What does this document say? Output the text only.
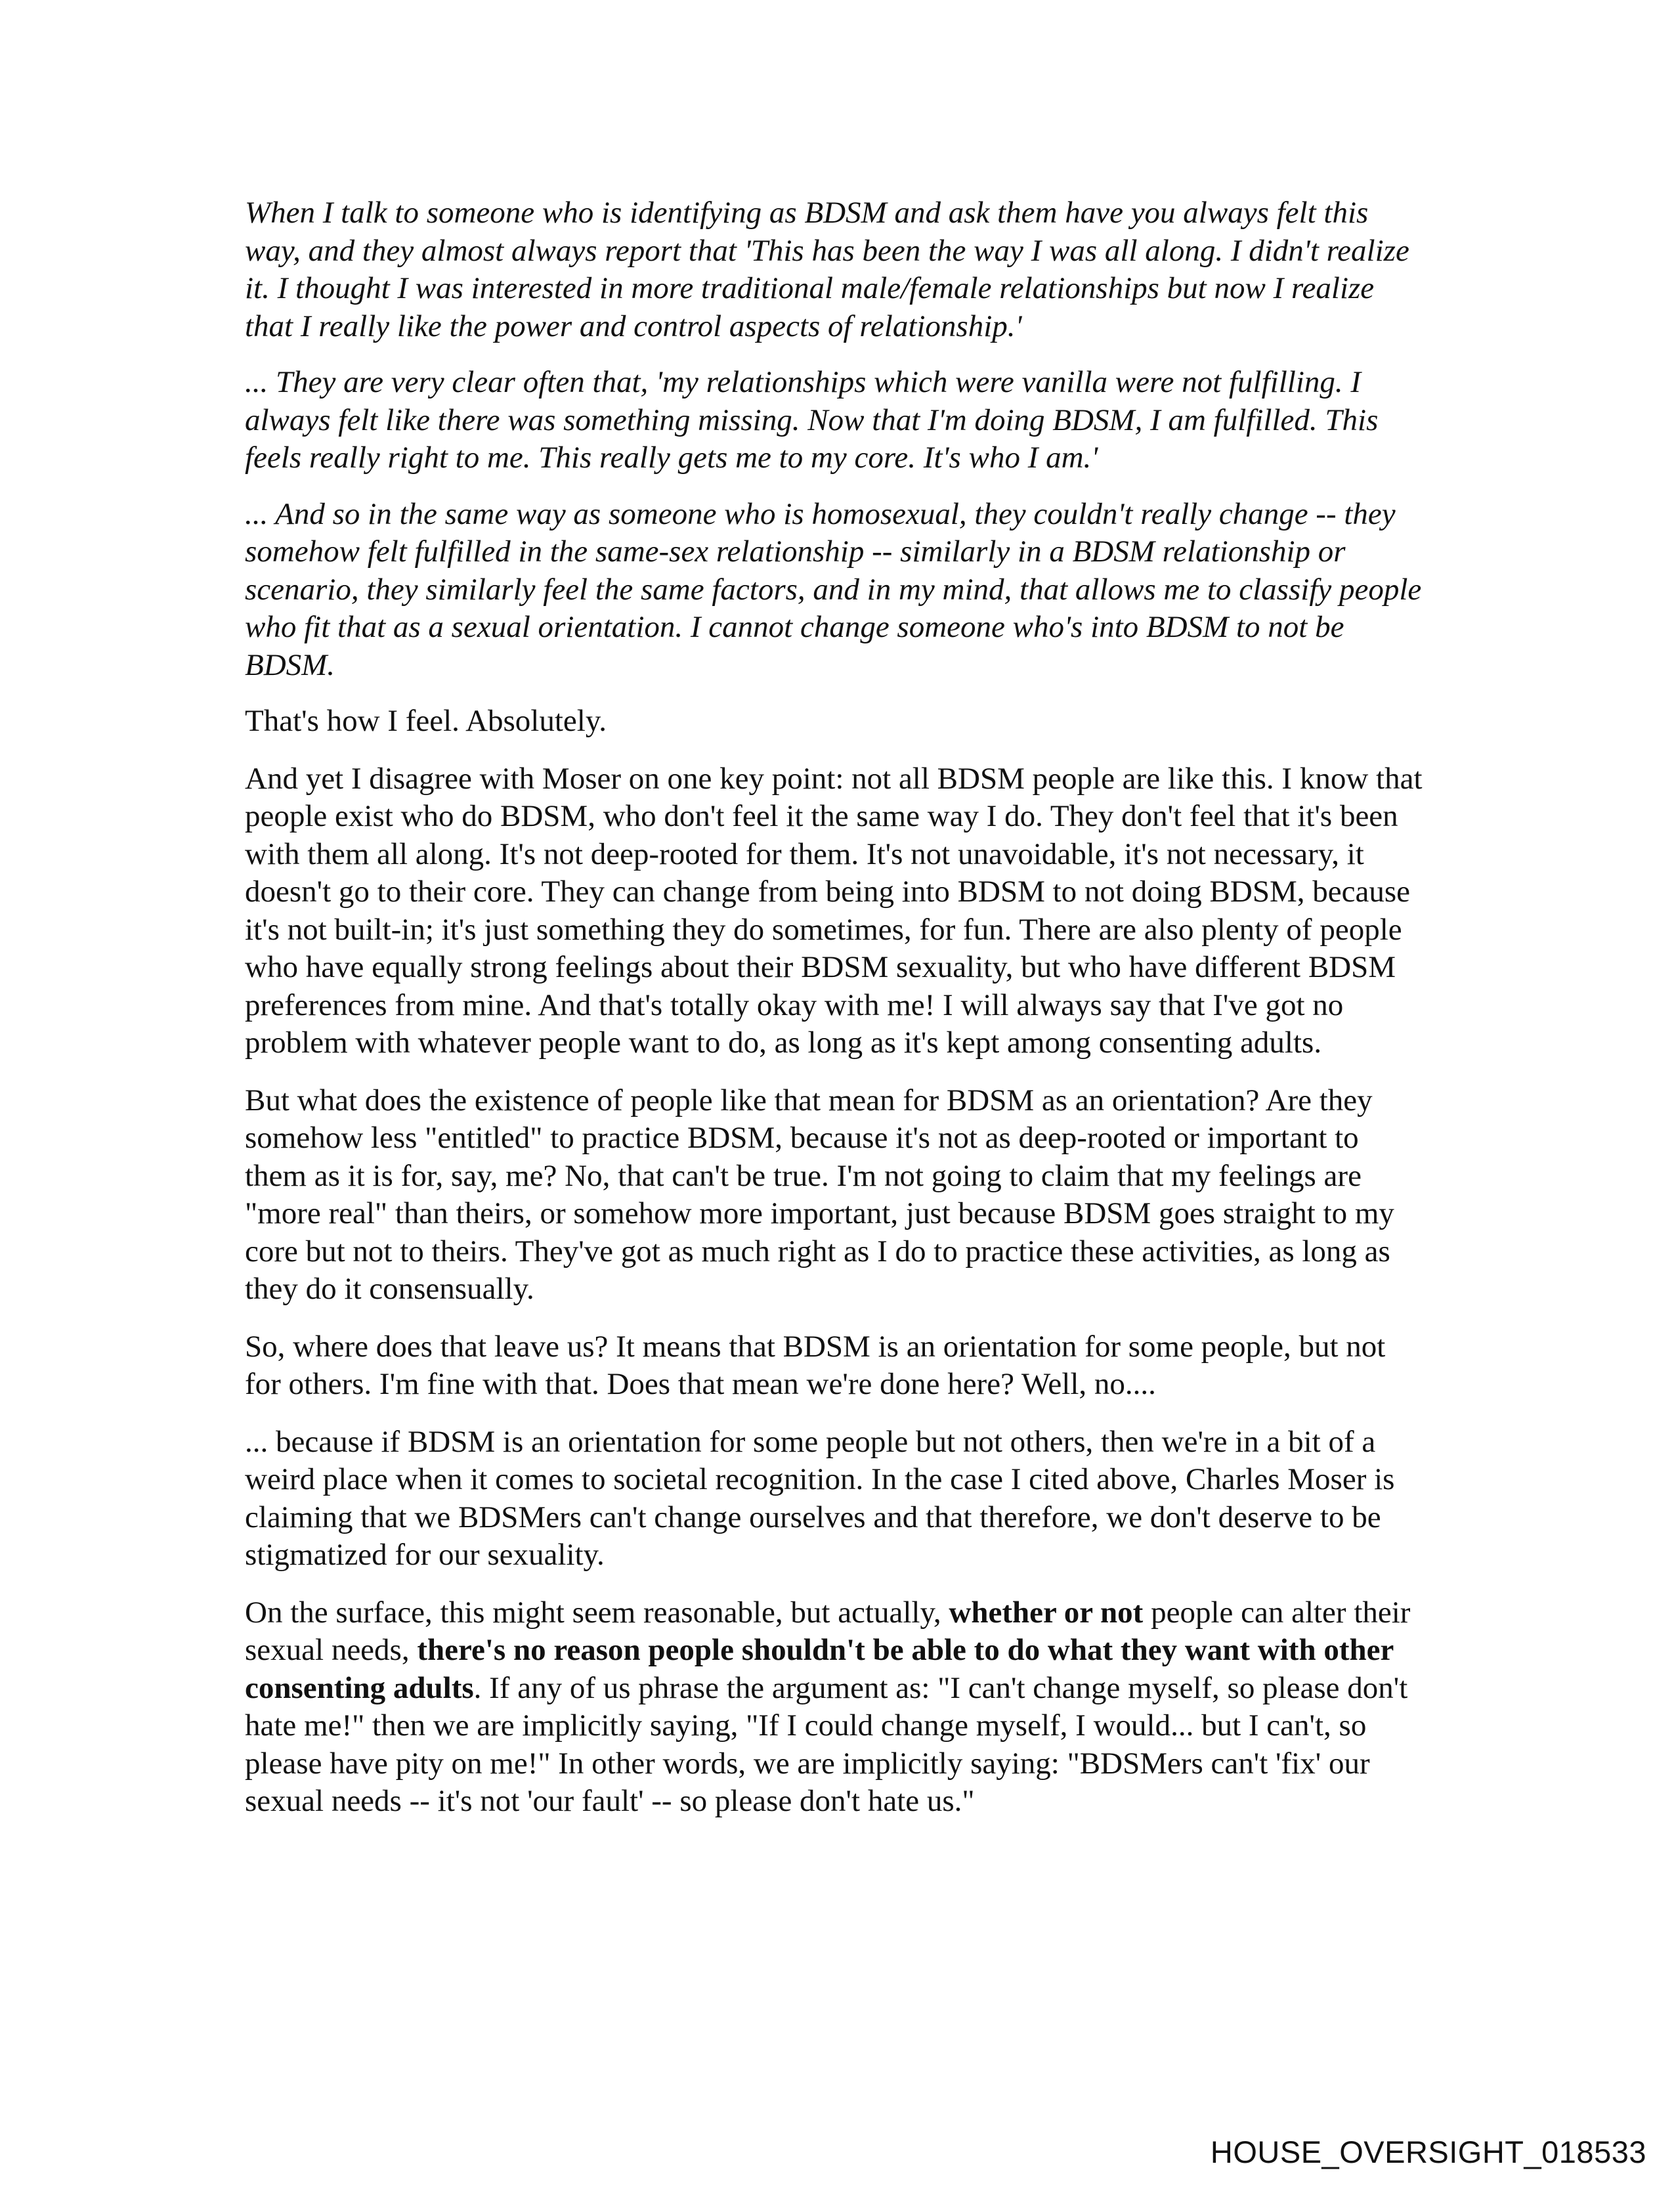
When I talk to someone who is identifying as BDSM and ask them have you always felt this way, and they almost always report that 'This has been the way I was all along. I didn't realize it. I thought I was interested in more traditional male/female relationships but now I realize that I really like the power and control aspects of relationship.'

... They are very clear often that, 'my relationships which were vanilla were not fulfilling. I always felt like there was something missing. Now that I'm doing BDSM, I am fulfilled. This feels really right to me. This really gets me to my core. It's who I am.'

... And so in the same way as someone who is homosexual, they couldn't really change -- they somehow felt fulfilled in the same-sex relationship -- similarly in a BDSM relationship or scenario, they similarly feel the same factors, and in my mind, that allows me to classify people who fit that as a sexual orientation. I cannot change someone who's into BDSM to not be BDSM.

That's how I feel. Absolutely.

And yet I disagree with Moser on one key point: not all BDSM people are like this. I know that people exist who do BDSM, who don't feel it the same way I do. They don't feel that it's been with them all along. It's not deep-rooted for them. It's not unavoidable, it's not necessary, it doesn't go to their core. They can change from being into BDSM to not doing BDSM, because it's not built-in; it's just something they do sometimes, for fun. There are also plenty of people who have equally strong feelings about their BDSM sexuality, but who have different BDSM preferences from mine. And that's totally okay with me! I will always say that I've got no problem with whatever people want to do, as long as it's kept among consenting adults.

But what does the existence of people like that mean for BDSM as an orientation? Are they somehow less "entitled" to practice BDSM, because it's not as deep-rooted or important to them as it is for, say, me? No, that can't be true. I'm not going to claim that my feelings are "more real" than theirs, or somehow more important, just because BDSM goes straight to my core but not to theirs. They've got as much right as I do to practice these activities, as long as they do it consensually.

So, where does that leave us? It means that BDSM is an orientation for some people, but not for others. I'm fine with that. Does that mean we're done here? Well, no....

... because if BDSM is an orientation for some people but not others, then we're in a bit of a weird place when it comes to societal recognition. In the case I cited above, Charles Moser is claiming that we BDSMers can't change ourselves and that therefore, we don't deserve to be stigmatized for our sexuality.

On the surface, this might seem reasonable, but actually, whether or not people can alter their sexual needs, there's no reason people shouldn't be able to do what they want with other consenting adults. If any of us phrase the argument as: "I can't change myself, so please don't hate me!" then we are implicitly saying, "If I could change myself, I would... but I can't, so please have pity on me!" In other words, we are implicitly saying: "BDSMers can't 'fix' our sexual needs -- it's not 'our fault' -- so please don't hate us."

HOUSE_OVERSIGHT_018533
